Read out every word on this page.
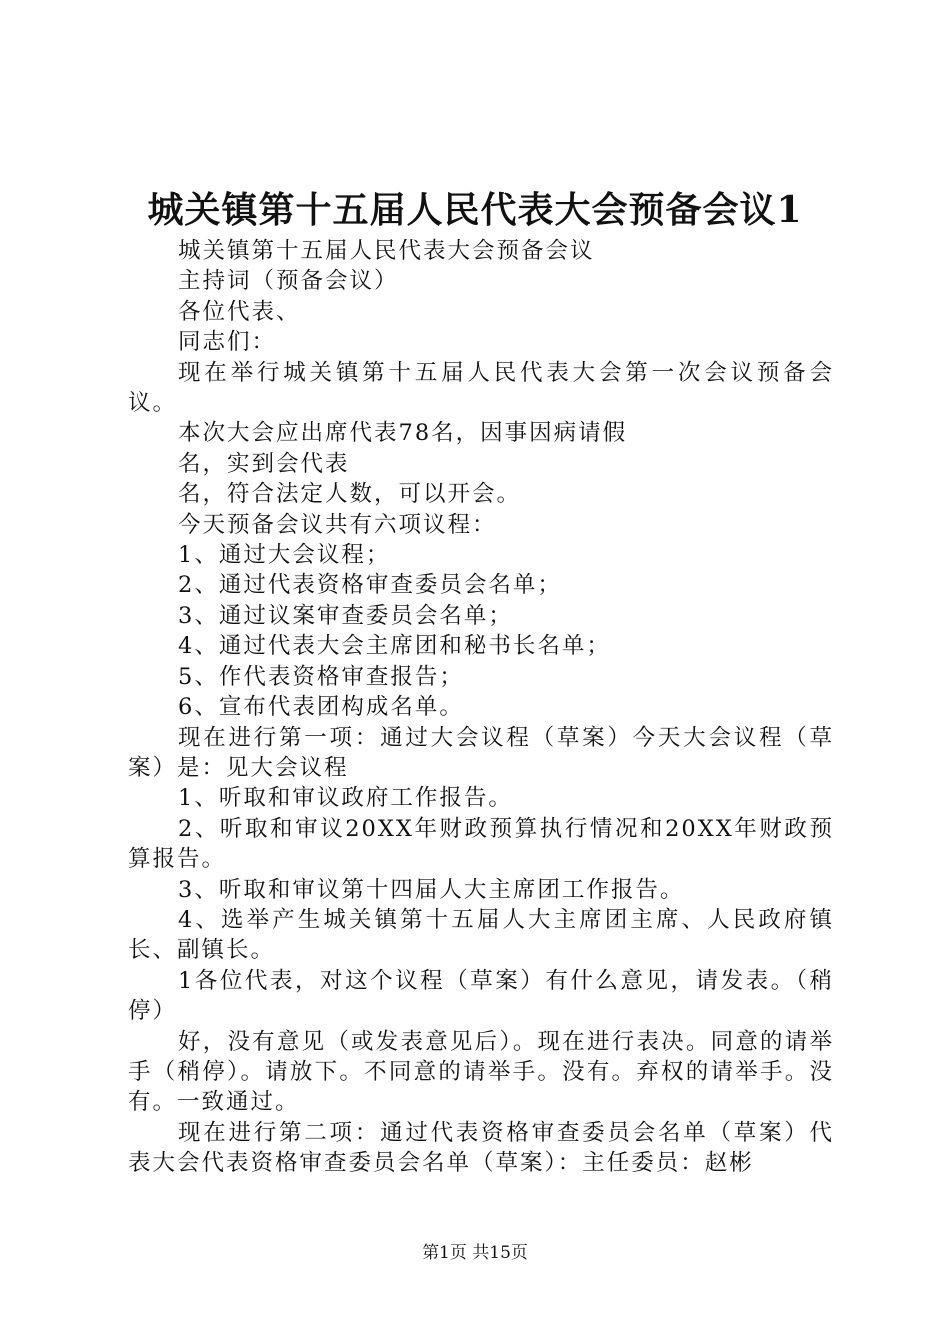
城关镇第十五届人民代表大会预备会议1

城关镇第十五届人民代表大会预备会议

主持词（预备会议）

各位代表、

同志们：

现在举行城关镇第十五届人民代表大会第一次会议预备会议。

本次大会应出席代表78名，因事因病请假

名，实到会代表

名，符合法定人数，可以开会。

今天预备会议共有六项议程：

1、通过大会议程；

2、通过代表资格审查委员会名单；

3、通过议案审查委员会名单；

4、通过代表大会主席团和秘书长名单；

5、作代表资格审查报告；

6、宣布代表团构成名单。

现在进行第一项：通过大会议程（草案）今天大会议程（草案）是：见大会议程

1、听取和审议政府工作报告。

2、听取和审议20XX年财政预算执行情况和20XX年财政预算报告。

3、听取和审议第十四届人大主席团工作报告。

4、选举产生城关镇第十五届人大主席团主席、人民政府镇长、副镇长。

1各位代表，对这个议程（草案）有什么意见，请发表。（稍停）

好，没有意见（或发表意见后）。现在进行表决。同意的请举手（稍停）。请放下。不同意的请举手。没有。弃权的请举手。没有。一致通过。

现在进行第二项：通过代表资格审查委员会名单（草案）代表大会代表资格审查委员会名单（草案）：主任委员：赵彬

第1页 共15页
